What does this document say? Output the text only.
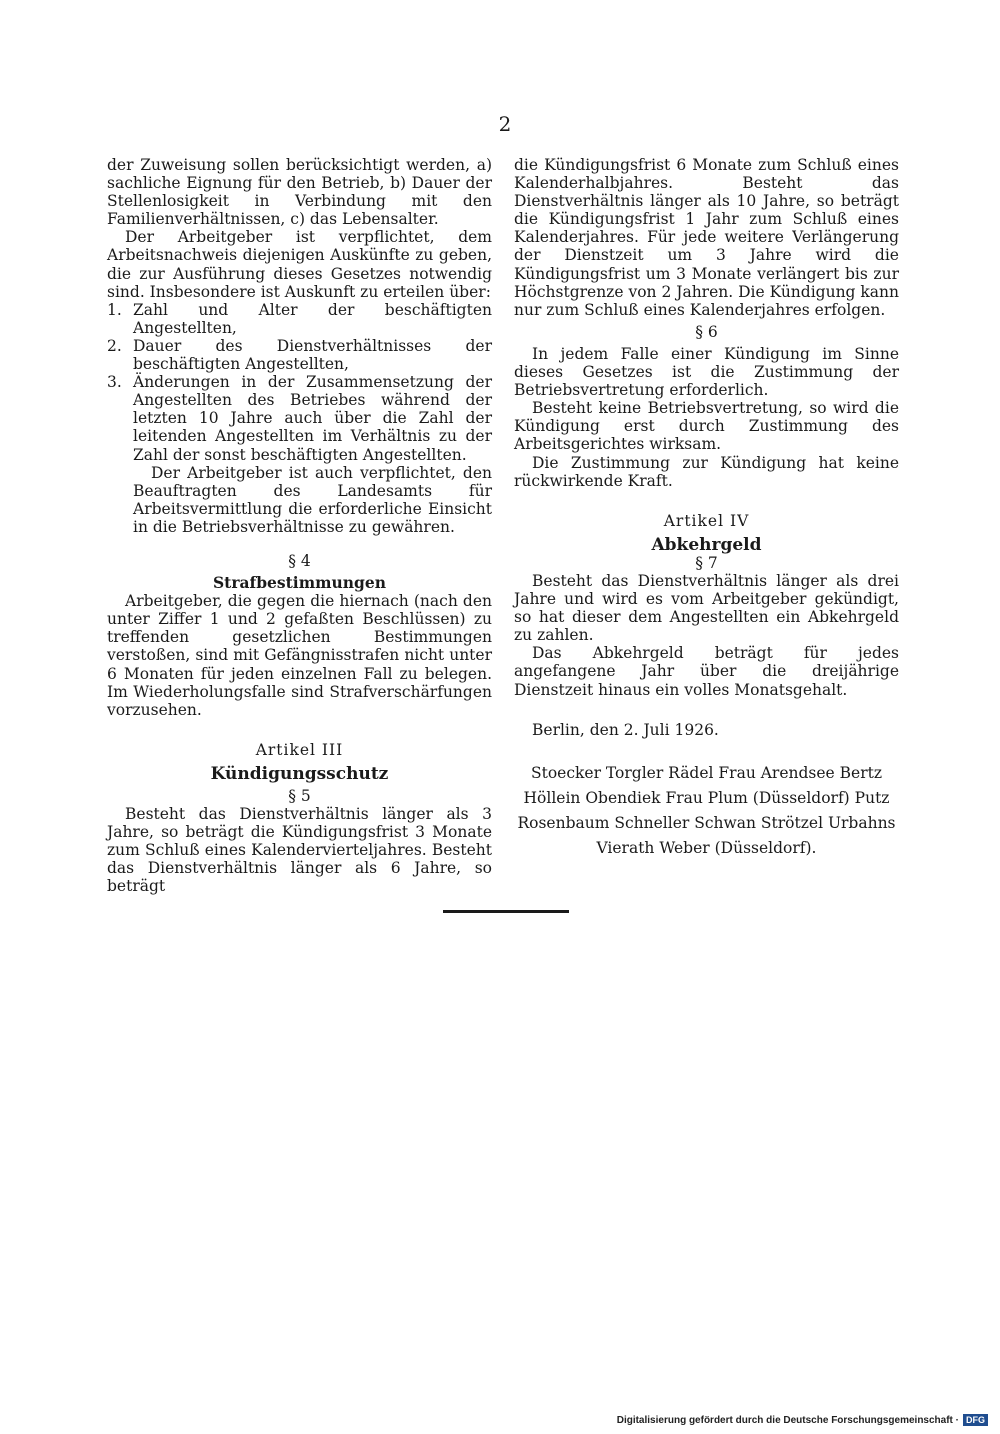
2

der Zuweisung sollen berücksichtigt werden, a) sachliche Eignung für den Betrieb, b) Dauer der Stellenlosigkeit in Verbindung mit den Familienverhältnissen, c) das Lebensalter.

Der Arbeitgeber ist verpflichtet, dem Arbeitsnachweis diejenigen Auskünfte zu geben, die zur Ausführung dieses Gesetzes notwendig sind. Insbesondere ist Auskunft zu erteilen über:

1. Zahl und Alter der beschäftigten Angestellten,
2. Dauer des Dienstverhältnisses der beschäftigten Angestellten,
3. Änderungen in der Zusammensetzung der Angestellten des Betriebes während der letzten 10 Jahre auch über die Zahl der leitenden Angestellten im Verhältnis zu der Zahl der sonst beschäftigten Angestellten.

Der Arbeitgeber ist auch verpflichtet, den Beauftragten des Landesamts für Arbeitsvermittlung die erforderliche Einsicht in die Betriebsverhältnisse zu gewähren.

§ 4
Strafbestimmungen

Arbeitgeber, die gegen die hiernach (nach den unter Ziffer 1 und 2 gefaßten Beschlüssen) zu treffenden gesetzlichen Bestimmungen verstoßen, sind mit Gefängnisstrafen nicht unter 6 Monaten für jeden einzelnen Fall zu belegen. Im Wiederholungsfalle sind Strafverschärfungen vorzusehen.

Artikel III
Kündigungsschutz
§ 5

Besteht das Dienstverhältnis länger als 3 Jahre, so beträgt die Kündigungsfrist 3 Monate zum Schluß eines Kalendervierteljahres. Besteht das Dienstverhältnis länger als 6 Jahre, so beträgt

die Kündigungsfrist 6 Monate zum Schluß eines Kalenderhalbjahres. Besteht das Dienstverhältnis länger als 10 Jahre, so beträgt die Kündigungsfrist 1 Jahr zum Schluß eines Kalenderjahres. Für jede weitere Verlängerung der Dienstzeit um 3 Jahre wird die Kündigungsfrist um 3 Monate verlängert bis zur Höchstgrenze von 2 Jahren. Die Kündigung kann nur zum Schluß eines Kalenderjahres erfolgen.

§ 6

In jedem Falle einer Kündigung im Sinne dieses Gesetzes ist die Zustimmung der Betriebsvertretung erforderlich.

Besteht keine Betriebsvertretung, so wird die Kündigung erst durch Zustimmung des Arbeitsgerichtes wirksam.

Die Zustimmung zur Kündigung hat keine rückwirkende Kraft.

Artikel IV
Abkehrgeld
§ 7

Besteht das Dienstverhältnis länger als drei Jahre und wird es vom Arbeitgeber gekündigt, so hat dieser dem Angestellten ein Abkehrgeld zu zahlen.

Das Abkehrgeld beträgt für jedes angefangene Jahr über die dreijährige Dienstzeit hinaus ein volles Monatsgehalt.

Berlin, den 2. Juli 1926.

Stoecker Torgler Rädel Frau Arendsee Bertz
Höllein Obendiek Frau Plum (Düsseldorf) Putz
Rosenbaum Schneller Schwan Strötzel Urbahns
Vierath Weber (Düsseldorf).
Digitalisierung gefördert durch die Deutsche Forschungsgemeinschaft · DFG
